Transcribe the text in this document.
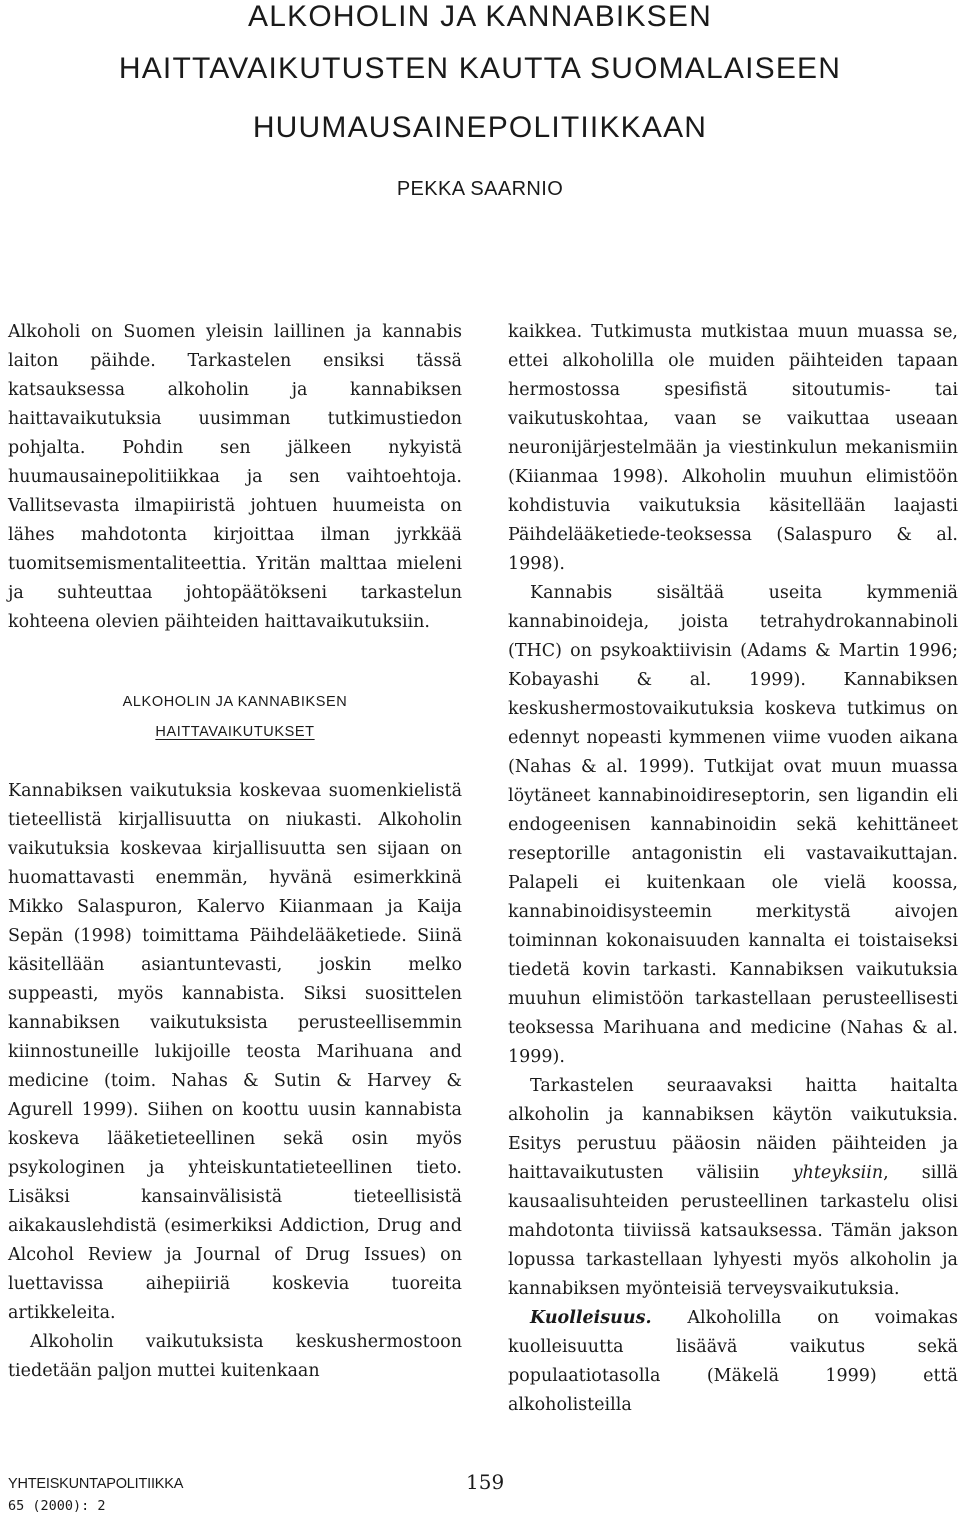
ALKOHOLIN JA KANNABIKSEN
HAITTAVAIKUTUSTEN KAUTTA SUOMALAISEEN
HUUMAUSAINEPOLITIIKKAAN
PEKKA SAARNIO

Alkoholi on Suomen yleisin laillinen ja kannabis laiton päihde. Tarkastelen ensiksi tässä katsauksessa alkoholin ja kannabiksen haittavaikutuksia uusimman tutkimustiedon pohjalta. Pohdin sen jälkeen nykyistä huumausainepolitiikkaa ja sen vaihtoehtoja. Vallitsevasta ilmapiiristä johtuen huumeista on lähes mahdotonta kirjoittaa ilman jyrkkää tuomitsemismentaliteettia. Yritän malttaa mieleni ja suhteuttaa johtopäätökseni tarkastelun kohteena olevien päihteiden haittavaikutuksiin.

ALKOHOLIN JA KANNABIKSEN
HAITTAVAIKUTUKSET

Kannabiksen vaikutuksia koskevaa suomenkielistä tieteellistä kirjallisuutta on niukasti. Alkoholin vaikutuksia koskevaa kirjallisuutta sen sijaan on huomattavasti enemmän, hyvänä esimerkkinä Mikko Salaspuron, Kalervo Kiianmaan ja Kaija Sepän (1998) toimittama Päihdelääketiede. Siinä käsitellään asiantuntevasti, joskin melko suppeasti, myös kannabista. Siksi suosittelen kannabiksen vaikutuksista perusteellisemmin kiinnostuneille lukijoille teosta Marihuana and medicine (toim. Nahas & Sutin & Harvey & Agurell 1999). Siihen on koottu uusin kannabista koskeva lääketieteellinen sekä osin myös psykologinen ja yhteiskuntatieteellinen tieto. Lisäksi kansainvälisistä tieteellisistä aikakauslehdistä (esimerkiksi Addiction, Drug and Alcohol Review ja Journal of Drug Issues) on luettavissa aihepiiriä koskevia tuoreita artikkeleita.

Alkoholin vaikutuksista keskushermostoon tiedetään paljon muttei kuitenkaan

kaikkea. Tutkimusta mutkistaa muun muassa se, ettei alkoholilla ole muiden päihteiden tapaan hermostossa spesifistä sitoutumis- tai vaikutuskohtaa, vaan se vaikuttaa useaan neuronijärjestelmään ja viestinkulun mekanismiin (Kiianmaa 1998). Alkoholin muuhun elimistöön kohdistuvia vaikutuksia käsitellään laajasti Päihdelääketiede-teoksessa (Salaspuro & al. 1998).

Kannabis sisältää useita kymmeniä kannabinoideja, joista tetrahydrokannabinoli (THC) on psykoaktiivisin (Adams & Martin 1996; Kobayashi & al. 1999). Kannabiksen keskushermostovaikutuksia koskeva tutkimus on edennyt nopeasti kymmenen viime vuoden aikana (Nahas & al. 1999). Tutkijat ovat muun muassa löytäneet kannabinoidireseptorin, sen ligandin eli endogeenisen kannabinoidin sekä kehittäneet reseptorille antagonistin eli vastavaikuttajan. Palapeli ei kuitenkaan ole vielä koossa, kannabinoidisysteemin merkitystä aivojen toiminnan kokonaisuuden kannalta ei toistaiseksi tiedetä kovin tarkasti. Kannabiksen vaikutuksia muuhun elimistöön tarkastellaan perusteellisesti teoksessa Marihuana and medicine (Nahas & al. 1999).

Tarkastelen seuraavaksi haitta haitalta alkoholin ja kannabiksen käytön vaikutuksia. Esitys perustuu pääosin näiden päihteiden ja haittavaikutusten välisiin yhteyksiin, sillä kausaalisuhteiden perusteellinen tarkastelu olisi mahdotonta tiiviissä katsauksessa. Tämän jakson lopussa tarkastellaan lyhyesti myös alkoholin ja kannabiksen myönteisiä terveysvaikutuksia.

Kuolleisuus. Alkoholilla on voimakas kuolleisuutta lisäävä vaikutus sekä populaatiotasolla (Mäkelä 1999) että alkoholisteilla

YHTEISKUNTAPOLITIIKKA
65 (2000): 2
159
